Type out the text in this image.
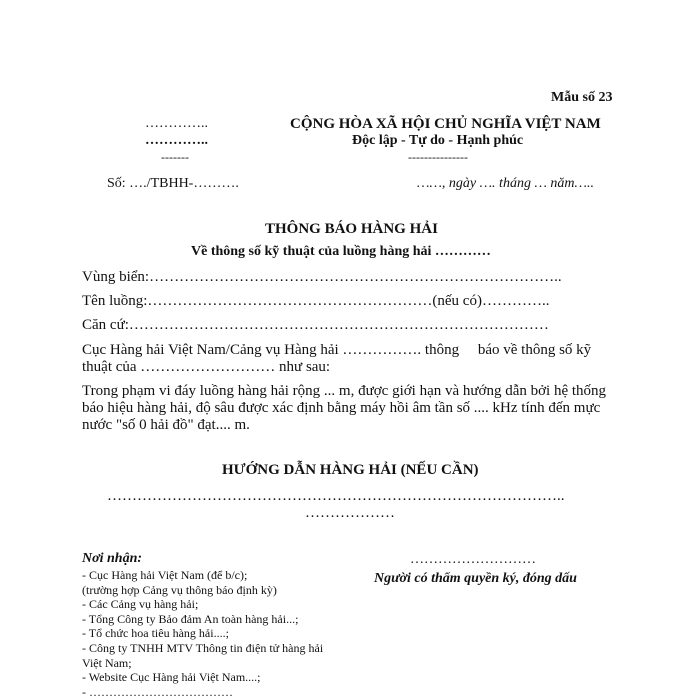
Mẫu số 23
…………..
…………..
-------
CỘNG HÒA XÃ HỘI CHỦ NGHĨA VIỆT NAM
Độc lập - Tự do - Hạnh phúc
---------------
Số: …./TBHH-……….	……, ngày …. tháng … năm…..
THÔNG BÁO HÀNG HẢI
Về thông số kỹ thuật của luồng hàng hải …………
Vùng biển:………………………………………………………………………..
Tên luồng:…………………………………………………(nếu có)…………..
Căn cứ:…………………………………………………………………………
Cục Hàng hải Việt Nam/Cảng vụ Hàng hải ……………. thông     báo về thông số kỹ
thuật của ……………………… như sau:
Trong phạm vi đáy luồng hàng hải rộng ... m, được giới hạn và hướng dẫn bởi hệ thống
báo hiệu hàng hải, độ sâu được xác định bằng máy hồi âm tần số .... kHz tính đến mực
nước "số 0 hải đồ" đạt.... m.
HƯỚNG DẪN HÀNG HẢI (NẾU CẦN)
………………………………………………………………………………..
………………
Nơi nhận:
- Cục Hàng hải Việt Nam (để b/c);
(trường hợp Cảng vụ thông báo định kỳ)
- Các Cảng vụ hàng hải;
- Tổng Công ty Bảo đảm An toàn hàng hải...;
- Tổ chức hoa tiêu hàng hải....;
- Công ty TNHH MTV Thông tin điện tử hàng hải
Việt Nam;
- Website Cục Hàng hải Việt Nam....;
- ………………………………
………………………
Người có thẩm quyền ký, đóng dấu
